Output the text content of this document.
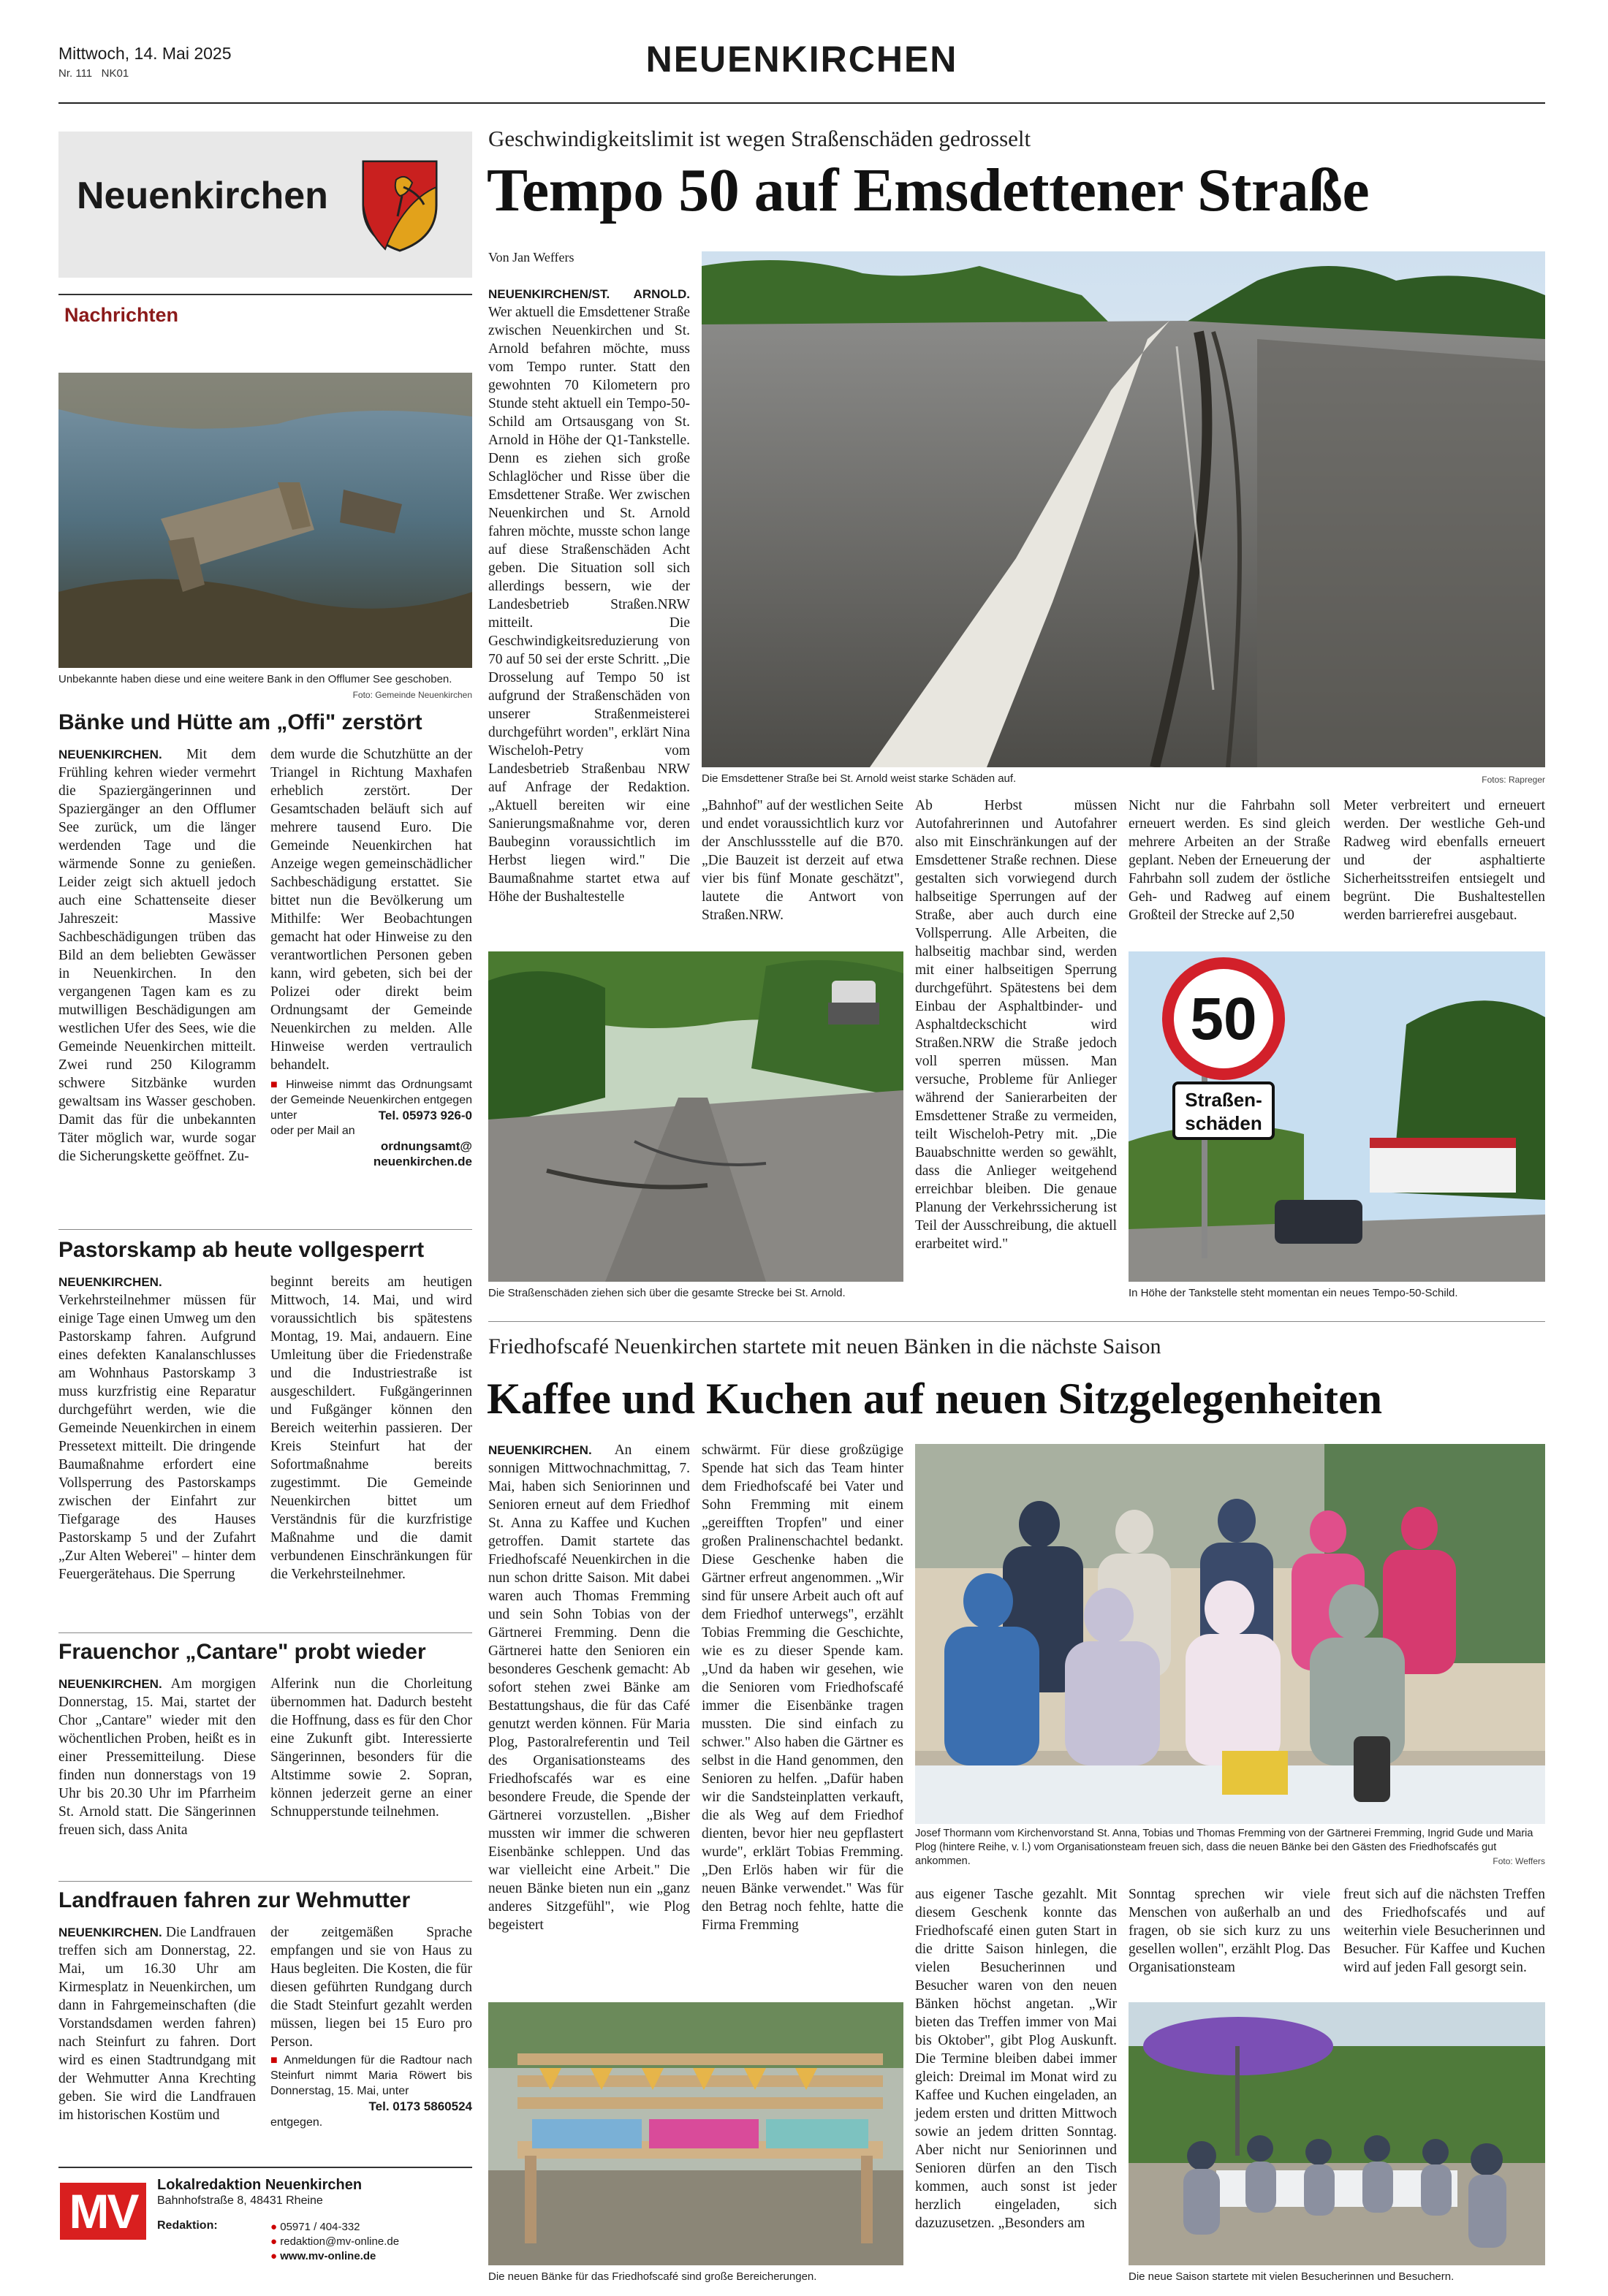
Mittwoch, 14. Mai 2025
Nr. 111 NK01	NEUENKIRCHEN
Neuenkirchen
Nachrichten
Unbekannte haben diese und eine weitere Bank in den Offlumer See geschoben.
Foto: Gemeinde Neuenkirchen
Bänke und Hütte am „Offi" zerstört
NEUENKIRCHEN. Mit dem Frühling kehren wieder vermehrt die Spaziergängerinnen und Spaziergänger an den Offlumer See zurück, um die länger werdenden Tage und die wärmende Sonne zu genießen. Leider zeigt sich aktuell jedoch auch eine Schattenseite dieser Jahreszeit: Massive Sachbeschädigungen trüben das Bild an dem beliebten Gewässer in Neuenkirchen. In den vergangenen Tagen kam es zu mutwilligen Beschädigungen am westlichen Ufer des Sees, wie die Gemeinde Neuenkirchen mitteilt. Zwei rund 250 Kilogramm schwere Sitzbänke wurden gewaltsam ins Wasser geschoben. Damit das für die unbekannten Täter möglich war, wurde sogar die Sicherungskette geöffnet. Zu-
dem wurde die Schutzhütte an der Triangel in Richtung Maxhafen erheblich zerstört. Der Gesamtschaden beläuft sich auf mehrere tausend Euro. Die Gemeinde Neuenkirchen hat Anzeige wegen gemeinschädlicher Sachbeschädigung erstattet. Sie bittet nun die Bevölkerung um Mithilfe: Wer Beobachtungen gemacht hat oder Hinweise zu den verantwortlichen Personen geben kann, wird gebeten, sich bei der Polizei oder direkt beim Ordnungsamt der Gemeinde Neuenkirchen zu melden. Alle Hinweise werden vertraulich behandelt.
■ Hinweise nimmt das Ordnungsamt der Gemeinde Neuenkirchen entgegen unter	Tel. 05973 926-0

oder per Mail an
ordnungsamt@ neuenkirchen.de
Pastorskamp ab heute vollgesperrt
NEUENKIRCHEN. Verkehrsteilnehmer müssen für einige Tage einen Umweg um den Pastorskamp fahren. Aufgrund eines defekten Kanalanschlusses am Wohnhaus Pastorskamp 3 muss kurzfristig eine Reparatur durchgeführt werden, wie die Gemeinde Neuenkirchen in einem Pressetext mitteilt. Die dringende Baumaßnahme erfordert eine Vollsperrung des Pastorskamps zwischen der Einfahrt zur Tiefgarage des Hauses Pastorskamp 5 und der Zufahrt „Zur Alten Weberei" – hinter dem Feuergerätehaus. Die Sperrung
beginnt bereits am heutigen Mittwoch, 14. Mai, und wird voraussichtlich bis spätestens Montag, 19. Mai, andauern. Eine Umleitung über die Friedenstraße und die Industriestraße ist ausgeschildert. Fußgängerinnen und Fußgänger können den Bereich weiterhin passieren. Der Kreis Steinfurt hat der Sofortmaßnahme bereits zugestimmt. Die Gemeinde Neuenkirchen bittet um Verständnis für die kurzfristige Maßnahme und die damit verbundenen Einschränkungen für die Verkehrsteilnehmer.
Frauenchor „Cantare" probt wieder
NEUENKIRCHEN. Am morgigen Donnerstag, 15. Mai, startet der Chor „Cantare" wieder mit den wöchentlichen Proben, heißt es in einer Pressemitteilung. Diese finden nun donnerstags von 19 Uhr bis 20.30 Uhr im Pfarrheim St. Arnold statt. Die Sängerinnen freuen sich, dass Anita
Alferink nun die Chorleitung übernommen hat. Dadurch besteht die Hoffnung, dass es für den Chor eine Zukunft gibt. Interessierte Sängerinnen, besonders für die Altstimme sowie 2. Sopran, können jederzeit gerne an einer Schnupperstunde teilnehmen.
Landfrauen fahren zur Wehmutter
NEUENKIRCHEN. Die Landfrauen treffen sich am Donnerstag, 22. Mai, um 16.30 Uhr am Kirmesplatz in Neuenkirchen, um dann in Fahrgemeinschaften (die Vorstandsdamen werden fahren) nach Steinfurt zu fahren. Dort wird es einen Stadtrundgang mit der Wehmutter Anna Krechting geben. Sie wird die Landfrauen im historischen Kostüm und
der zeitgemäßen Sprache empfangen und sie von Haus zu Haus begleiten. Die Kosten, die für diesen geführten Rundgang durch die Stadt Steinfurt gezahlt werden müssen, liegen bei 15 Euro pro Person.
■ Anmeldungen für die Radtour nach Steinfurt nimmt Maria Röwert bis Donnerstag, 15. Mai, unter
Tel. 0173 5860524
entgegen.
MV	Lokalredaktion Neuenkirchen
Bahnhofstraße 8, 48431 Rheine
Redaktion:	● 05971 / 404-332
● redaktion@mv-online.de
● www.mv-online.de
Geschwindigkeitslimit ist wegen Straßenschäden gedrosselt
Tempo 50 auf Emsdettener Straße
Von Jan Weffers
NEUENKIRCHEN/ST. ARNOLD. Wer aktuell die Emsdettener Straße zwischen Neuenkirchen und St. Arnold befahren möchte, muss vom Tempo runter. Statt den gewohnten 70 Kilometern pro Stunde steht aktuell ein Tempo-50-Schild am Ortsausgang von St. Arnold in Höhe der Q1-Tankstelle. Denn es ziehen sich große Schlaglöcher und Risse über die Emsdettener Straße. Wer zwischen Neuenkirchen und St. Arnold fahren möchte, musste schon lange auf diese Straßenschäden Acht geben. Die Situation soll sich allerdings bessern, wie der Landesbetrieb Straßen.NRW mitteilt. Die Geschwindigkeitsreduzierung von 70 auf 50 sei der erste Schritt. „Die Drosselung auf Tempo 50 ist aufgrund der Straßenschäden von unserer Straßenmeisterei durchgeführt worden", erklärt Nina Wischeloh-Petry vom Landesbetrieb Straßenbau NRW auf Anfrage der Redaktion. „Aktuell bereiten wir eine Sanierungsmaßnahme vor, deren Baubeginn voraussichtlich im Herbst liegen wird." Die Baumaßnahme startet etwa auf Höhe der Bushaltestelle
Die Emsdettener Straße bei St. Arnold weist starke Schäden auf.	Fotos: Rapreger
„Bahnhof" auf der westlichen Seite und endet voraussichtlich kurz vor der Anschlussstelle auf die B70. „Die Bauzeit ist derzeit auf etwa vier bis fünf Monate geschätzt", lautete die Antwort von Straßen.NRW.
Ab Herbst müssen Autofahrerinnen und Autofahrer also mit Einschränkungen auf der Emsdettener Straße rechnen. Diese gestalten sich vorwiegend durch halbseitige Sperrungen auf der Straße, aber auch durch eine Vollsperrung. Alle Arbeiten, die halbseitig machbar sind, werden mit einer halbseitigen Sperrung durchgeführt. Spätestens bei dem Einbau der Asphaltbinder- und Asphaltdeckschicht wird Straßen.NRW die Straße jedoch voll sperren müssen. Man versuche, Probleme für Anlieger während der Sanierarbeiten der Emsdettener Straße zu vermeiden, teilt Wischeloh-Petry mit. „Die Bauabschnitte werden so gewählt, dass die Anlieger weitgehend erreichbar bleiben. Die genaue Planung der Verkehrssicherung ist Teil der Ausschreibung, die aktuell erarbeitet wird."
Nicht nur die Fahrbahn soll erneuert werden. Es sind gleich mehrere Arbeiten an der Straße geplant. Neben der Erneuerung der Fahrbahn soll zudem der östliche Geh- und Radweg auf einem Großteil der Strecke auf 2,50
Meter verbreitert und erneuert werden. Der westliche Geh-und Radweg wird ebenfalls erneuert und der asphaltierte Sicherheitsstreifen entsiegelt und begrünt. Die Bushaltestellen werden barrierefrei ausgebaut.
Die Straßenschäden ziehen sich über die gesamte Strecke bei St. Arnold.
50
Straßen-
schäden
In Höhe der Tankstelle steht momentan ein neues Tempo-50-Schild.
Friedhofscafé Neuenkirchen startete mit neuen Bänken in die nächste Saison
Kaffee und Kuchen auf neuen Sitzgelegenheiten
NEUENKIRCHEN. An einem sonnigen Mittwochnachmittag, 7. Mai, haben sich Seniorinnen und Senioren erneut auf dem Friedhof St. Anna zu Kaffee und Kuchen getroffen. Damit startete das Friedhofscafé Neuenkirchen in die nun schon dritte Saison. Mit dabei waren auch Thomas Fremming und sein Sohn Tobias von der Gärtnerei Fremming. Denn die Gärtnerei hatte den Senioren ein besonderes Geschenk gemacht: Ab sofort stehen zwei Bänke am Bestattungshaus, die für das Café genutzt werden können. Für Maria Plog, Pastoralreferentin und Teil des Organisationsteams des Friedhofscafés war es eine besondere Freude, die Spende der Gärtnerei vorzustellen. „Bisher mussten wir immer die schweren Eisenbänke schleppen. Und das war vielleicht eine Arbeit." Die neuen Bänke bieten nun ein „ganz anderes Sitzgefühl", wie Plog begeistert
schwärmt. Für diese großzügige Spende hat sich das Team hinter dem Friedhofscafé bei Vater und Sohn Fremming mit einem „gereifften Tropfen" und einer großen Pralinenschachtel bedankt. Diese Geschenke haben die Gärtner erfreut angenommen. „Wir sind für unsere Arbeit auch oft auf dem Friedhof unterwegs", erzählt Tobias Fremming die Geschichte, wie es zu dieser Spende kam. „Und da haben wir gesehen, wie die Senioren vom Friedhofscafé immer die Eisenbänke tragen mussten. Die sind einfach zu schwer." Also haben die Gärtner es selbst in die Hand genommen, den Senioren zu helfen. „Dafür haben wir die Sandsteinplatten verkauft, die als Weg auf dem Friedhof dienten, bevor hier neu gepflastert wurde", erklärt Tobias Fremming. „Den Erlös haben wir für die neuen Bänke verwendet." Was für den Betrag noch fehlte, hatte die Firma Fremming
Josef Thormann vom Kirchenvorstand St. Anna, Tobias und Thomas Fremming von der Gärtnerei Fremming, Ingrid Gude und Maria Plog (hintere Reihe, v. l.) vom Organisationsteam freuen sich, dass die neuen Bänke bei den Gästen des Friedhofscafés gut ankommen.	Foto: Weffers
aus eigener Tasche gezahlt. Mit diesem Geschenk konnte das Friedhofscafé einen guten Start in die dritte Saison hinlegen, die vielen Besucherinnen und Besucher waren von den neuen Bänken höchst angetan. „Wir bieten das Treffen immer von Mai bis Oktober", gibt Plog Auskunft. Die Termine bleiben dabei immer gleich: Dreimal im Monat wird zu Kaffee und Kuchen eingeladen, an jedem ersten und dritten Mittwoch sowie an jedem dritten Sonntag. Aber nicht nur Seniorinnen und Senioren dürfen an den Tisch kommen, auch sonst ist jeder herzlich eingeladen, sich dazuzusetzen. „Besonders am
Sonntag sprechen wir viele Menschen von außerhalb an und fragen, ob sie sich kurz zu uns gesellen wollen", erzählt Plog. Das Organisationsteam
freut sich auf die nächsten Treffen des Friedhofscafés und auf weiterhin viele Besucherinnen und Besucher. Für Kaffee und Kuchen wird auf jeden Fall gesorgt sein.
Die neuen Bänke für das Friedhofscafé sind große Bereicherungen.	Die neue Saison startete mit vielen Besucherinnen und Besuchern.
